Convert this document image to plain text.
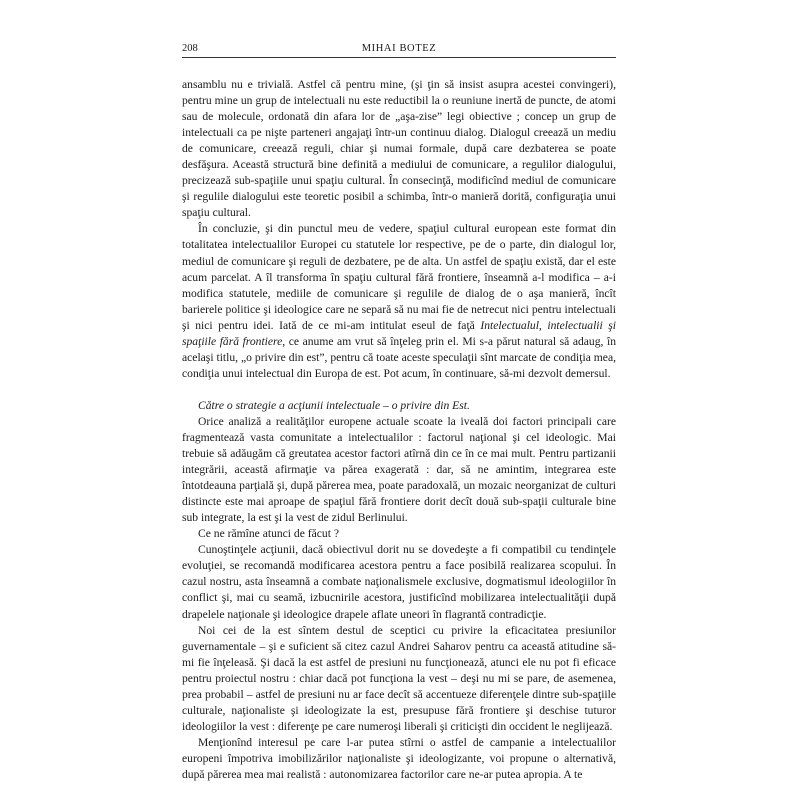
208	MIHAI BOTEZ

ansamblu nu e trivială. Astfel că pentru mine, (şi ţin să insist asupra acestei convingeri), pentru mine un grup de intelectuali nu este reductibil la o reuniune inertă de puncte, de atomi sau de molecule, ordonată din afara lor de „aşa-zise” legi obiective ; concep un grup de intelectuali ca pe nişte parteneri angajaţi într-un continuu dialog. Dialogul creează un mediu de comunicare, creează reguli, chiar şi numai formale, după care dezbaterea se poate desfăşura. Această structură bine definită a mediului de comunicare, a regulilor dialogului, precizează sub-spaţiile unui spaţiu cultural. În consecinţă, modificînd mediul de comunicare şi regulile dialogului este teoretic posibil a schimba, într-o manieră dorită, configuraţia unui spaţiu cultural.

În concluzie, şi din punctul meu de vedere, spaţiul cultural european este format din totalitatea intelectualilor Europei cu statutele lor respective, pe de o parte, din dialogul lor, mediul de comunicare şi reguli de dezbatere, pe de alta. Un astfel de spaţiu există, dar el este acum parcelat. A îl transforma în spaţiu cultural fără frontiere, înseamnă a-l modifica – a-i modifica statutele, mediile de comunicare şi regulile de dialog de o aşa manieră, încît barierele politice şi ideologice care ne separă să nu mai fie de netrecut nici pentru intelectuali şi nici pentru idei. Iată de ce mi-am intitulat eseul de faţă Intelectualul, intelectualii şi spaţiile fără frontiere, ce anume am vrut să înţeleg prin el. Mi s-a părut natural să adaug, în acelaşi titlu, „o privire din est”, pentru că toate aceste speculaţii sînt marcate de condiţia mea, condiţia unui intelectual din Europa de est. Pot acum, în continuare, să-mi dezvolt demersul.

Către o strategie a acţiunii intelectuale – o privire din Est.

Orice analiză a realităţilor europene actuale scoate la iveală doi factori principali care fragmentează vasta comunitate a intelectualilor : factorul naţional şi cel ideologic. Mai trebuie să adăugăm că greutatea acestor factori atîrnă din ce în ce mai mult. Pentru partizanii integrării, această afirmaţie va părea exagerată : dar, să ne amintim, integrarea este întotdeauna parţială şi, după părerea mea, poate paradoxală, un mozaic neorganizat de culturi distincte este mai aproape de spaţiul fără frontiere dorit decît două sub-spaţii culturale bine sub integrate, la est şi la vest de zidul Berlinului.

Ce ne rămîne atunci de făcut ?

Cunoştinţele acţiunii, dacă obiectivul dorit nu se dovedeşte a fi compatibil cu tendinţele evoluţiei, se recomandă modificarea acestora pentru a face posibilă realizarea scopului. În cazul nostru, asta înseamnă a combate naţionalismele exclusive, dogmatismul ideologiilor în conflict şi, mai cu seamă, izbucnirile acestora, justificînd mobilizarea intelectualităţii după drapelele naţionale şi ideologice drapele aflate uneori în flagrantă contradicţie.

Noi cei de la est sîntem destul de sceptici cu privire la eficacitatea presiunilor guvernamentale – şi e suficient să citez cazul Andrei Saharov pentru ca această atitudine să-mi fie înţeleasă. Şi dacă la est astfel de presiuni nu funcţionează, atunci ele nu pot fi eficace pentru proiectul nostru : chiar dacă pot funcţiona la vest – deşi nu mi se pare, de asemenea, prea probabil – astfel de presiuni nu ar face decît să accentueze diferenţele dintre sub-spaţiile culturale, naţionaliste şi ideologizate la est, presupuse fără frontiere şi deschise tuturor ideologiilor la vest : diferenţe pe care numeroşi liberali şi criticişti din occident le neglijează.

Menţionînd interesul pe care l-ar putea stîrni o astfel de campanie a intelectualilor europeni împotriva imobilizărilor naţionaliste şi ideologizante, voi propune o alternativă, după părerea mea mai realistă : autonomizarea factorilor care ne-ar putea apropia. A te
